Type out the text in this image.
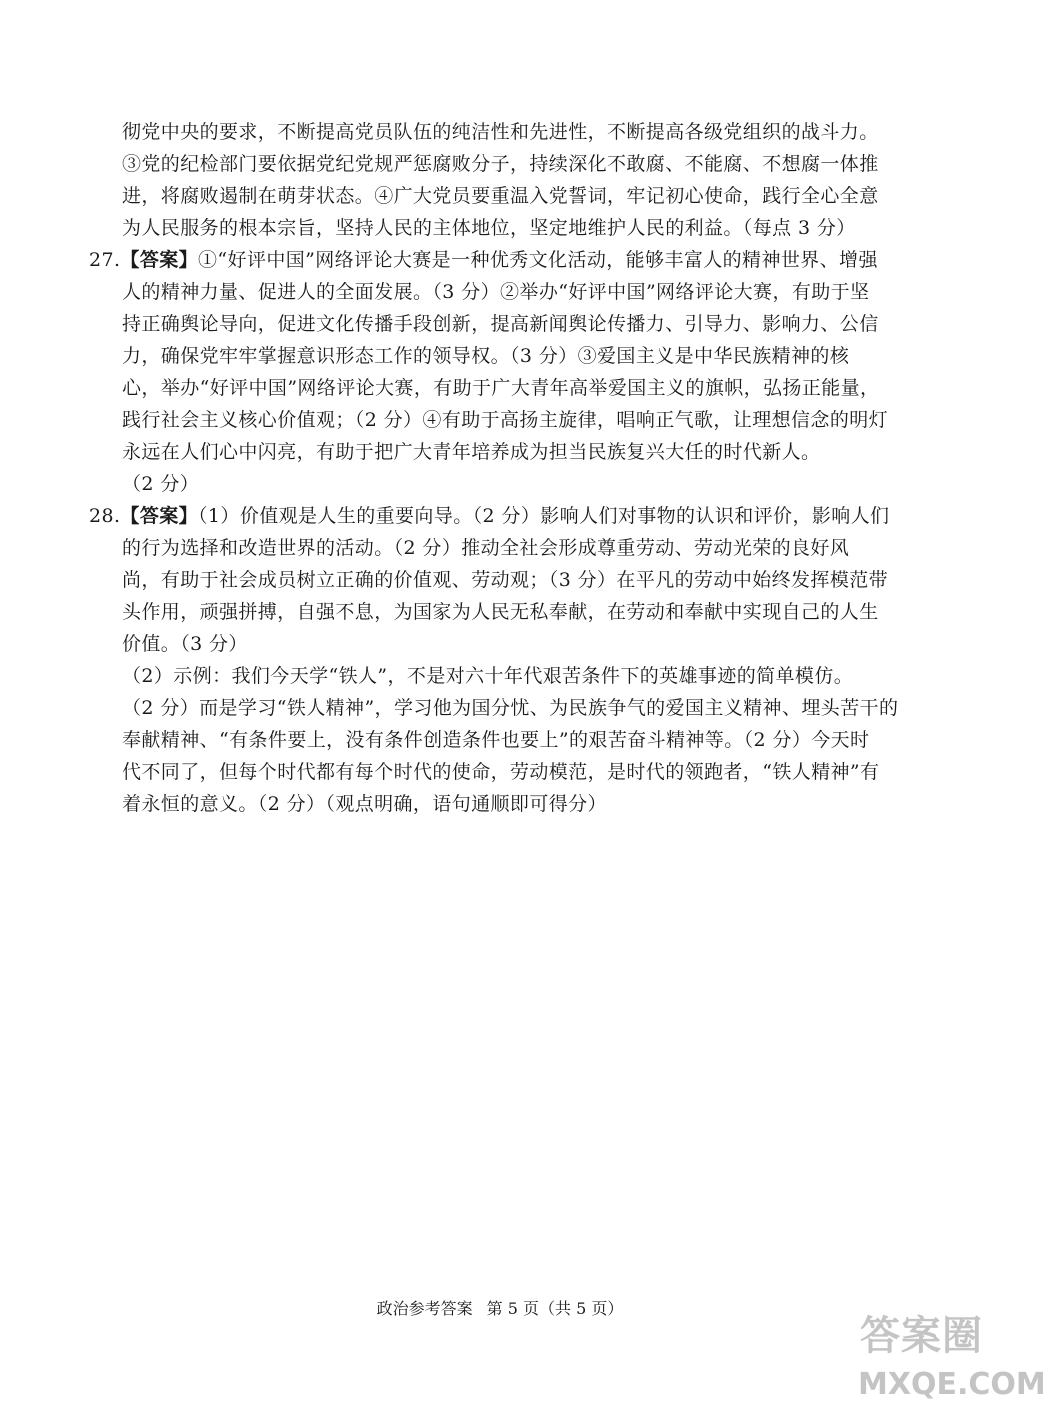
彻党中央的要求，不断提高党员队伍的纯洁性和先进性，不断提高各级党组织的战斗力。
③党的纪检部门要依据党纪党规严惩腐败分子，持续深化不敢腐、不能腐、不想腐一体推
进，将腐败遏制在萌芽状态。④广大党员要重温入党誓词，牢记初心使命，践行全心全意
为人民服务的根本宗旨，坚持人民的主体地位，坚定地维护人民的利益。（每点 3 分）
27.【答案】①“好评中国”网络评论大赛是一种优秀文化活动，能够丰富人的精神世界、增强
人的精神力量、促进人的全面发展。（3 分）②举办“好评中国”网络评论大赛，有助于坚
持正确舆论导向，促进文化传播手段创新，提高新闻舆论传播力、引导力、影响力、公信
力，确保党牢牢掌握意识形态工作的领导权。（3 分）③爱国主义是中华民族精神的核
心，举办“好评中国”网络评论大赛，有助于广大青年高举爱国主义的旗帜，弘扬正能量，
践行社会主义核心价值观；（2 分）④有助于高扬主旋律，唱响正气歌，让理想信念的明灯
永远在人们心中闪亮，有助于把广大青年培养成为担当民族复兴大任的时代新人。
（2 分）
28.【答案】（1）价值观是人生的重要向导。（2 分）影响人们对事物的认识和评价，影响人们
的行为选择和改造世界的活动。（2 分）推动全社会形成尊重劳动、劳动光荣的良好风
尚，有助于社会成员树立正确的价值观、劳动观；（3 分）在平凡的劳动中始终发挥模范带
头作用，顽强拼搏，自强不息，为国家为人民无私奉献，在劳动和奉献中实现自己的人生
价值。（3 分）
（2）示例：我们今天学“铁人”，不是对六十年代艰苦条件下的英雄事迹的简单模仿。
（2 分）而是学习“铁人精神”，学习他为国分忧、为民族争气的爱国主义精神、埋头苦干的
奉献精神、“有条件要上，没有条件创造条件也要上”的艰苦奋斗精神等。（2 分）今天时
代不同了，但每个时代都有每个时代的使命，劳动模范，是时代的领跑者，“铁人精神”有
着永恒的意义。（2 分）（观点明确，语句通顺即可得分）
政治参考答案 第 5 页（共 5 页）
答案圈
MXQE.COM
